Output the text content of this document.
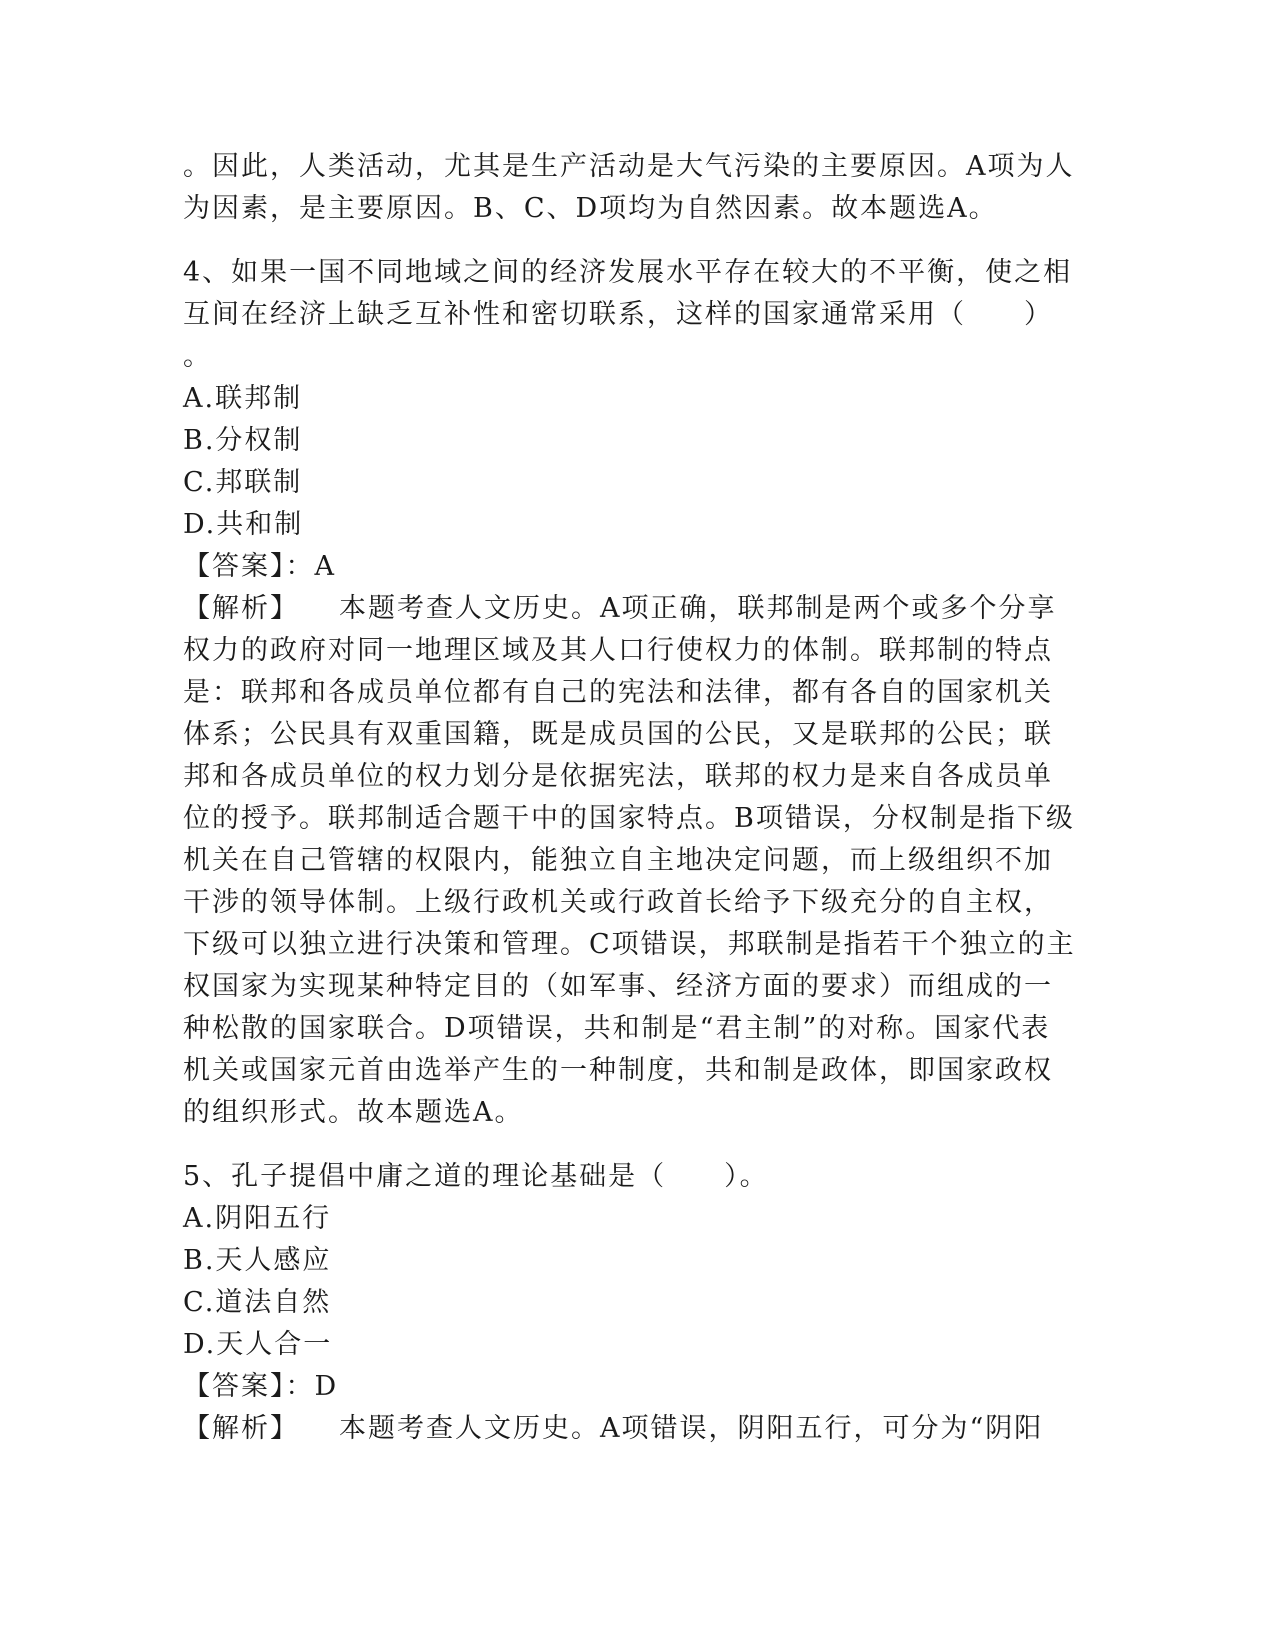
。因此，人类活动，尤其是生产活动是大气污染的主要原因。A项为人
为因素，是主要原因。B、C、D项均为自然因素。故本题选A。
4、如果一国不同地域之间的经济发展水平存在较大的不平衡，使之相
互间在经济上缺乏互补性和密切联系，这样的国家通常采用（　　）
。
A.联邦制
B.分权制
C.邦联制
D.共和制
【答案】：A
【解析】 本题考查人文历史。A项正确，联邦制是两个或多个分享
权力的政府对同一地理区域及其人口行使权力的体制。联邦制的特点
是：联邦和各成员单位都有自己的宪法和法律，都有各自的国家机关
体系；公民具有双重国籍，既是成员国的公民，又是联邦的公民；联
邦和各成员单位的权力划分是依据宪法，联邦的权力是来自各成员单
位的授予。联邦制适合题干中的国家特点。B项错误，分权制是指下级
机关在自己管辖的权限内，能独立自主地决定问题，而上级组织不加
干涉的领导体制。上级行政机关或行政首长给予下级充分的自主权，
下级可以独立进行决策和管理。C项错误，邦联制是指若干个独立的主
权国家为实现某种特定目的（如军事、经济方面的要求）而组成的一
种松散的国家联合。D项错误，共和制是“君主制”的对称。国家代表
机关或国家元首由选举产生的一种制度，共和制是政体，即国家政权
的组织形式。故本题选A。
5、孔子提倡中庸之道的理论基础是（　　）。
A.阴阳五行
B.天人感应
C.道法自然
D.天人合一
【答案】：D
【解析】 本题考查人文历史。A项错误，阴阳五行，可分为“阴阳
